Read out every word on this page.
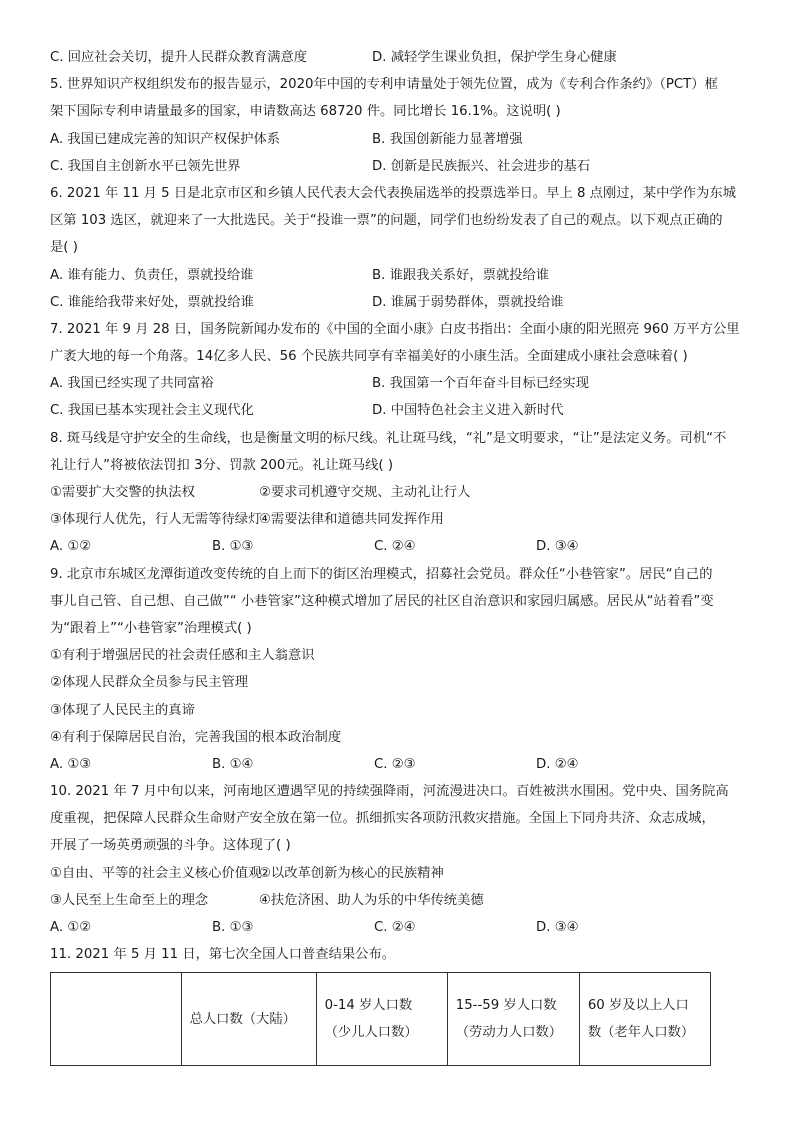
C. 回应社会关切，提升人民群众教育满意度	D. 减轻学生课业负担，保护学生身心健康
5. 世界知识产权组织发布的报告显示，2020年中国的专利申请量处于领先位置，成为《专利合作条约》（PCT）框
架下国际专利申请量最多的国家，申请数高达 68720 件。同比增长 16.1%。这说明( )
A. 我国已建成完善的知识产权保护体系	B. 我国创新能力显著增强
C. 我国自主创新水平已领先世界	D. 创新是民族振兴、社会进步的基石
6. 2021 年 11 月 5 日是北京市区和乡镇人民代表大会代表换届选举的投票选举日。早上 8 点刚过，某中学作为东城
区第 103 选区，就迎来了一大批选民。关于“投谁一票”的问题，同学们也纷纷发表了自己的观点。以下观点正确的
是( )
A. 谁有能力、负责任，票就投给谁	B. 谁跟我关系好，票就投给谁
C. 谁能给我带来好处，票就投给谁	D. 谁属于弱势群体，票就投给谁
7. 2021 年 9 月 28 日，国务院新闻办发布的《中国的全面小康》白皮书指出：全面小康的阳光照亮 960 万平方公里
广袤大地的每一个角落。14亿多人民、56 个民族共同享有幸福美好的小康生活。全面建成小康社会意味着( )
A. 我国已经实现了共同富裕	B. 我国第一个百年奋斗目标已经实现
C. 我国已基本实现社会主义现代化	D. 中国特色社会主义进入新时代
8. 斑马线是守护安全的生命线，也是衡量文明的标尺线。礼让斑马线，“礼”是文明要求，“让”是法定义务。司机“不
礼让行人”将被依法罚扣 3分、罚款 200元。礼让斑马线( )
①需要扩大交警的执法权	②要求司机遵守交规、主动礼让行人
③体现行人优先，行人无需等待绿灯
④需要法律和道德共同发挥作用
A. ①②	B. ①③	C. ②④	D. ③④
9. 北京市东城区龙潭街道改变传统的自上而下的街区治理模式，招募社会党员。群众任“小巷管家”。居民“自己的
事儿自己管、自己想、自己做”“ 小巷管家”这种模式增加了居民的社区自治意识和家园归属感。居民从“站着看”变
为“跟着上”“小巷管家”治理模式( )
①有利于增强居民的社会责任感和主人翁意识
②体现人民群众全员参与民主管理
③体现了人民民主的真谛
④有利于保障居民自治，完善我国的根本政治制度
A. ①③	B. ①④	C. ②③	D. ②④
10. 2021 年 7 月中旬以来，河南地区遭遇罕见的持续强降雨，河流漫进决口。百姓被洪水围困。党中央、国务院高
度重视，把保障人民群众生命财产安全放在第一位。抓细抓实各项防汛救灾措施。全国上下同舟共济、众志成城，
开展了一场英勇顽强的斗争。这体现了( )
①自由、平等的社会主义核心价值观
②以改革创新为核心的民族精神
③人民至上生命至上的理念	④扶危济困、助人为乐的中华传统美德
A. ①②	B. ①③	C. ②④	D. ③④
11. 2021 年 5 月 11 日，第七次全国人口普查结果公布。
	总人口数（大陆）	0-14 岁人口数（少儿人口数）	15--59 岁人口数（劳动力人口数）	60 岁及以上人口数（老年人口数）
